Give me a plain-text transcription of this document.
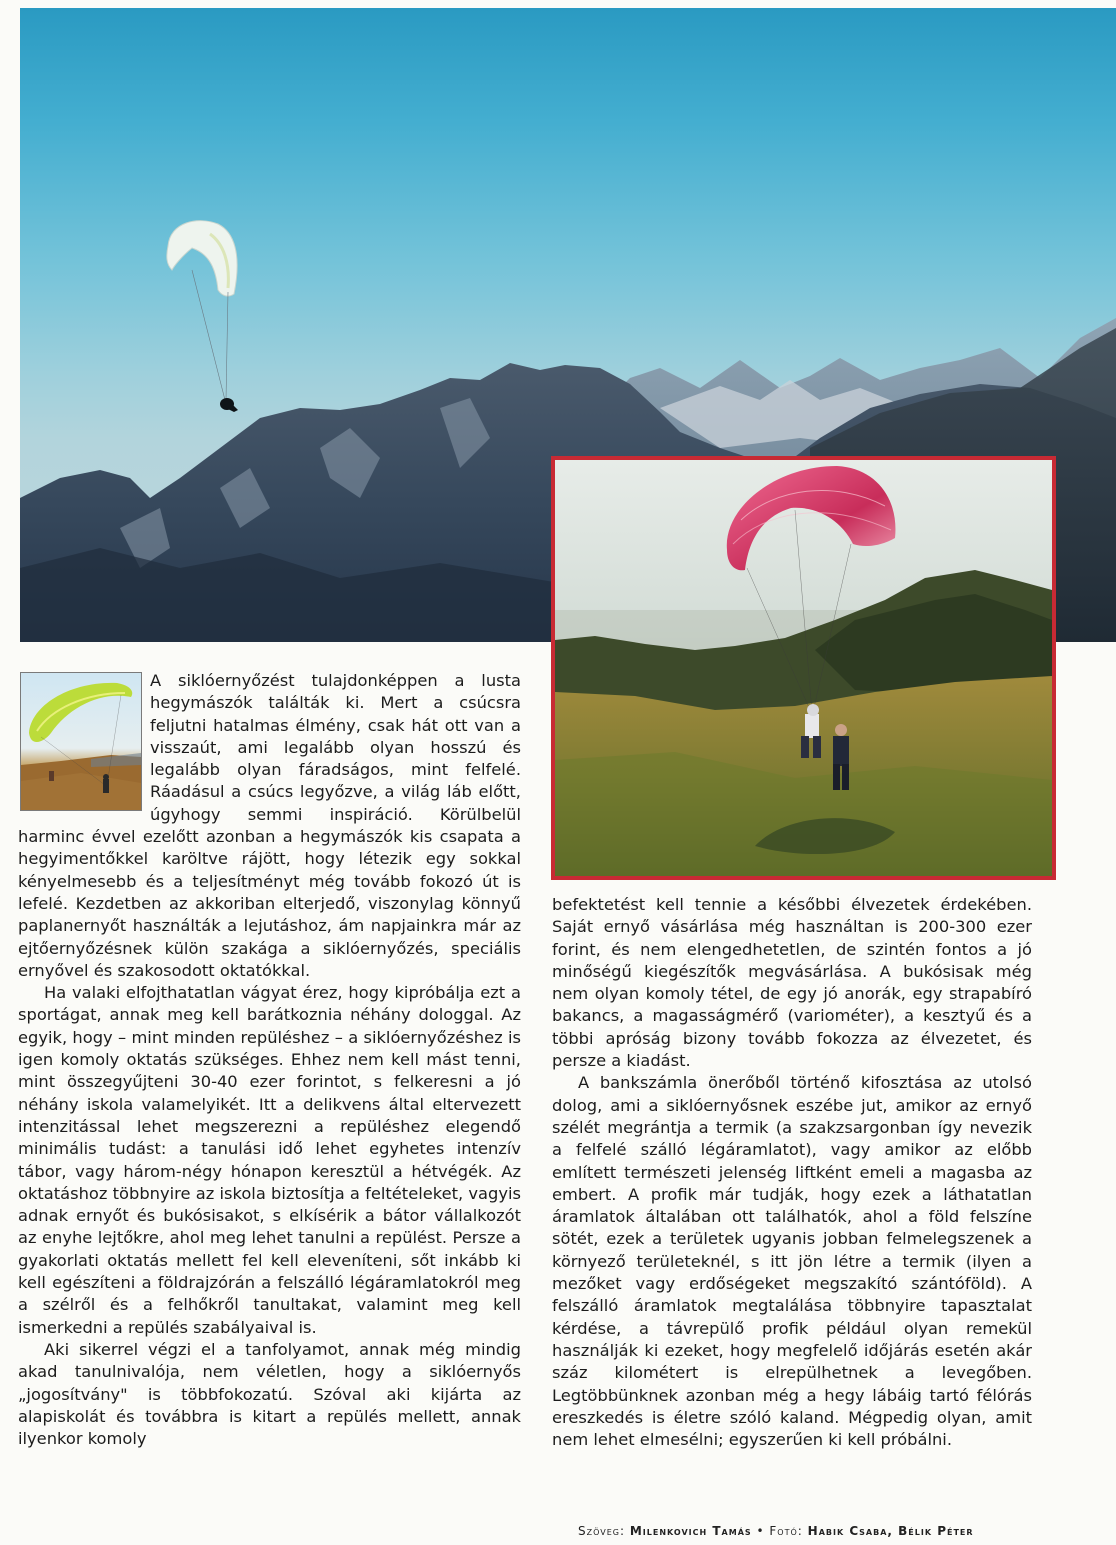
A siklóernyőzést tulajdonképpen a lusta hegymászók találták ki. Mert a csúcsra feljutni hatalmas élmény, csak hát ott van a visszaút, ami legalább olyan hosszú és legalább olyan fáradságos, mint felfelé. Ráadásul a csúcs legyőzve, a világ láb előtt, úgyhogy semmi inspiráció. Körülbelül harminc évvel ezelőtt azonban a hegymászók kis csapata a hegyimentőkkel karöltve rájött, hogy létezik egy sokkal kényelmesebb és a teljesítményt még tovább fokozó út is lefelé. Kezdetben az akkoriban elterjedő, viszonylag könnyű paplanernyőt használták a lejutáshoz, ám napjainkra már az ejtőernyőzésnek külön szakága a siklóernyőzés, speciális ernyővel és szakosodott oktatókkal.

Ha valaki elfojthatatlan vágyat érez, hogy kipróbálja ezt a sportágat, annak meg kell barátkoznia néhány dologgal. Az egyik, hogy – mint minden repüléshez – a siklóernyőzéshez is igen komoly oktatás szükséges. Ehhez nem kell mást tenni, mint összegyűjteni 30-40 ezer forintot, s felkeresni a jó néhány iskola valamelyikét. Itt a delikvens által eltervezett intenzitással lehet megszerezni a repüléshez elegendő minimális tudást: a tanulási idő lehet egyhetes intenzív tábor, vagy három-négy hónapon keresztül a hétvégék. Az oktatáshoz többnyire az iskola biztosítja a feltételeket, vagyis adnak ernyőt és bukósisakot, s elkísérik a bátor vállalkozót az enyhe lejtőkre, ahol meg lehet tanulni a repülést. Persze a gyakorlati oktatás mellett fel kell eleveníteni, sőt inkább ki kell egészíteni a földrajzórán a felszálló légáramlatokról meg a szélről és a felhőkről tanultakat, valamint meg kell ismerkedni a repülés szabályaival is.

Aki sikerrel végzi el a tanfolyamot, annak még mindig akad tanulnivalója, nem véletlen, hogy a siklóernyős „jogosítvány" is többfokozatú. Szóval aki kijárta az alapiskolát és továbbra is kitart a repülés mellett, annak ilyenkor komoly

befektetést kell tennie a későbbi élvezetek érdekében. Saját ernyő vásárlása még használtan is 200-300 ezer forint, és nem elengedhetetlen, de szintén fontos a jó minőségű kiegészítők megvásárlása. A bukósisak még nem olyan komoly tétel, de egy jó anorák, egy strapabíró bakancs, a magasságmérő (variométer), a kesztyű és a többi apróság bizony tovább fokozza az élvezetet, és persze a kiadást.

A bankszámla önerőből történő kifosztása az utolsó dolog, ami a siklóernyősnek eszébe jut, amikor az ernyő szélét megrántja a termik (a szakzsargonban így nevezik a felfelé szálló légáramlatot), vagy amikor az előbb említett természeti jelenség liftként emeli a magasba az embert. A profik már tudják, hogy ezek a láthatatlan áramlatok általában ott találhatók, ahol a föld felszíne sötét, ezek a területek ugyanis jobban felmelegszenek a környező területeknél, s itt jön létre a termik (ilyen a mezőket vagy erdőségeket megszakító szántóföld). A felszálló áramlatok megtalálása többnyire tapasztalat kérdése, a távrepülő profik például olyan remekül használják ki ezeket, hogy megfelelő időjárás esetén akár száz kilométert is elrepülhetnek a levegőben. Legtöbbünknek azonban még a hegy lábáig tartó félórás ereszkedés is életre szóló kaland. Mégpedig olyan, amit nem lehet elmesélni; egyszerűen ki kell próbálni.

Szöveg: Milenkovich Tamás • Fotó: Habik Csaba, Bélik Péter
